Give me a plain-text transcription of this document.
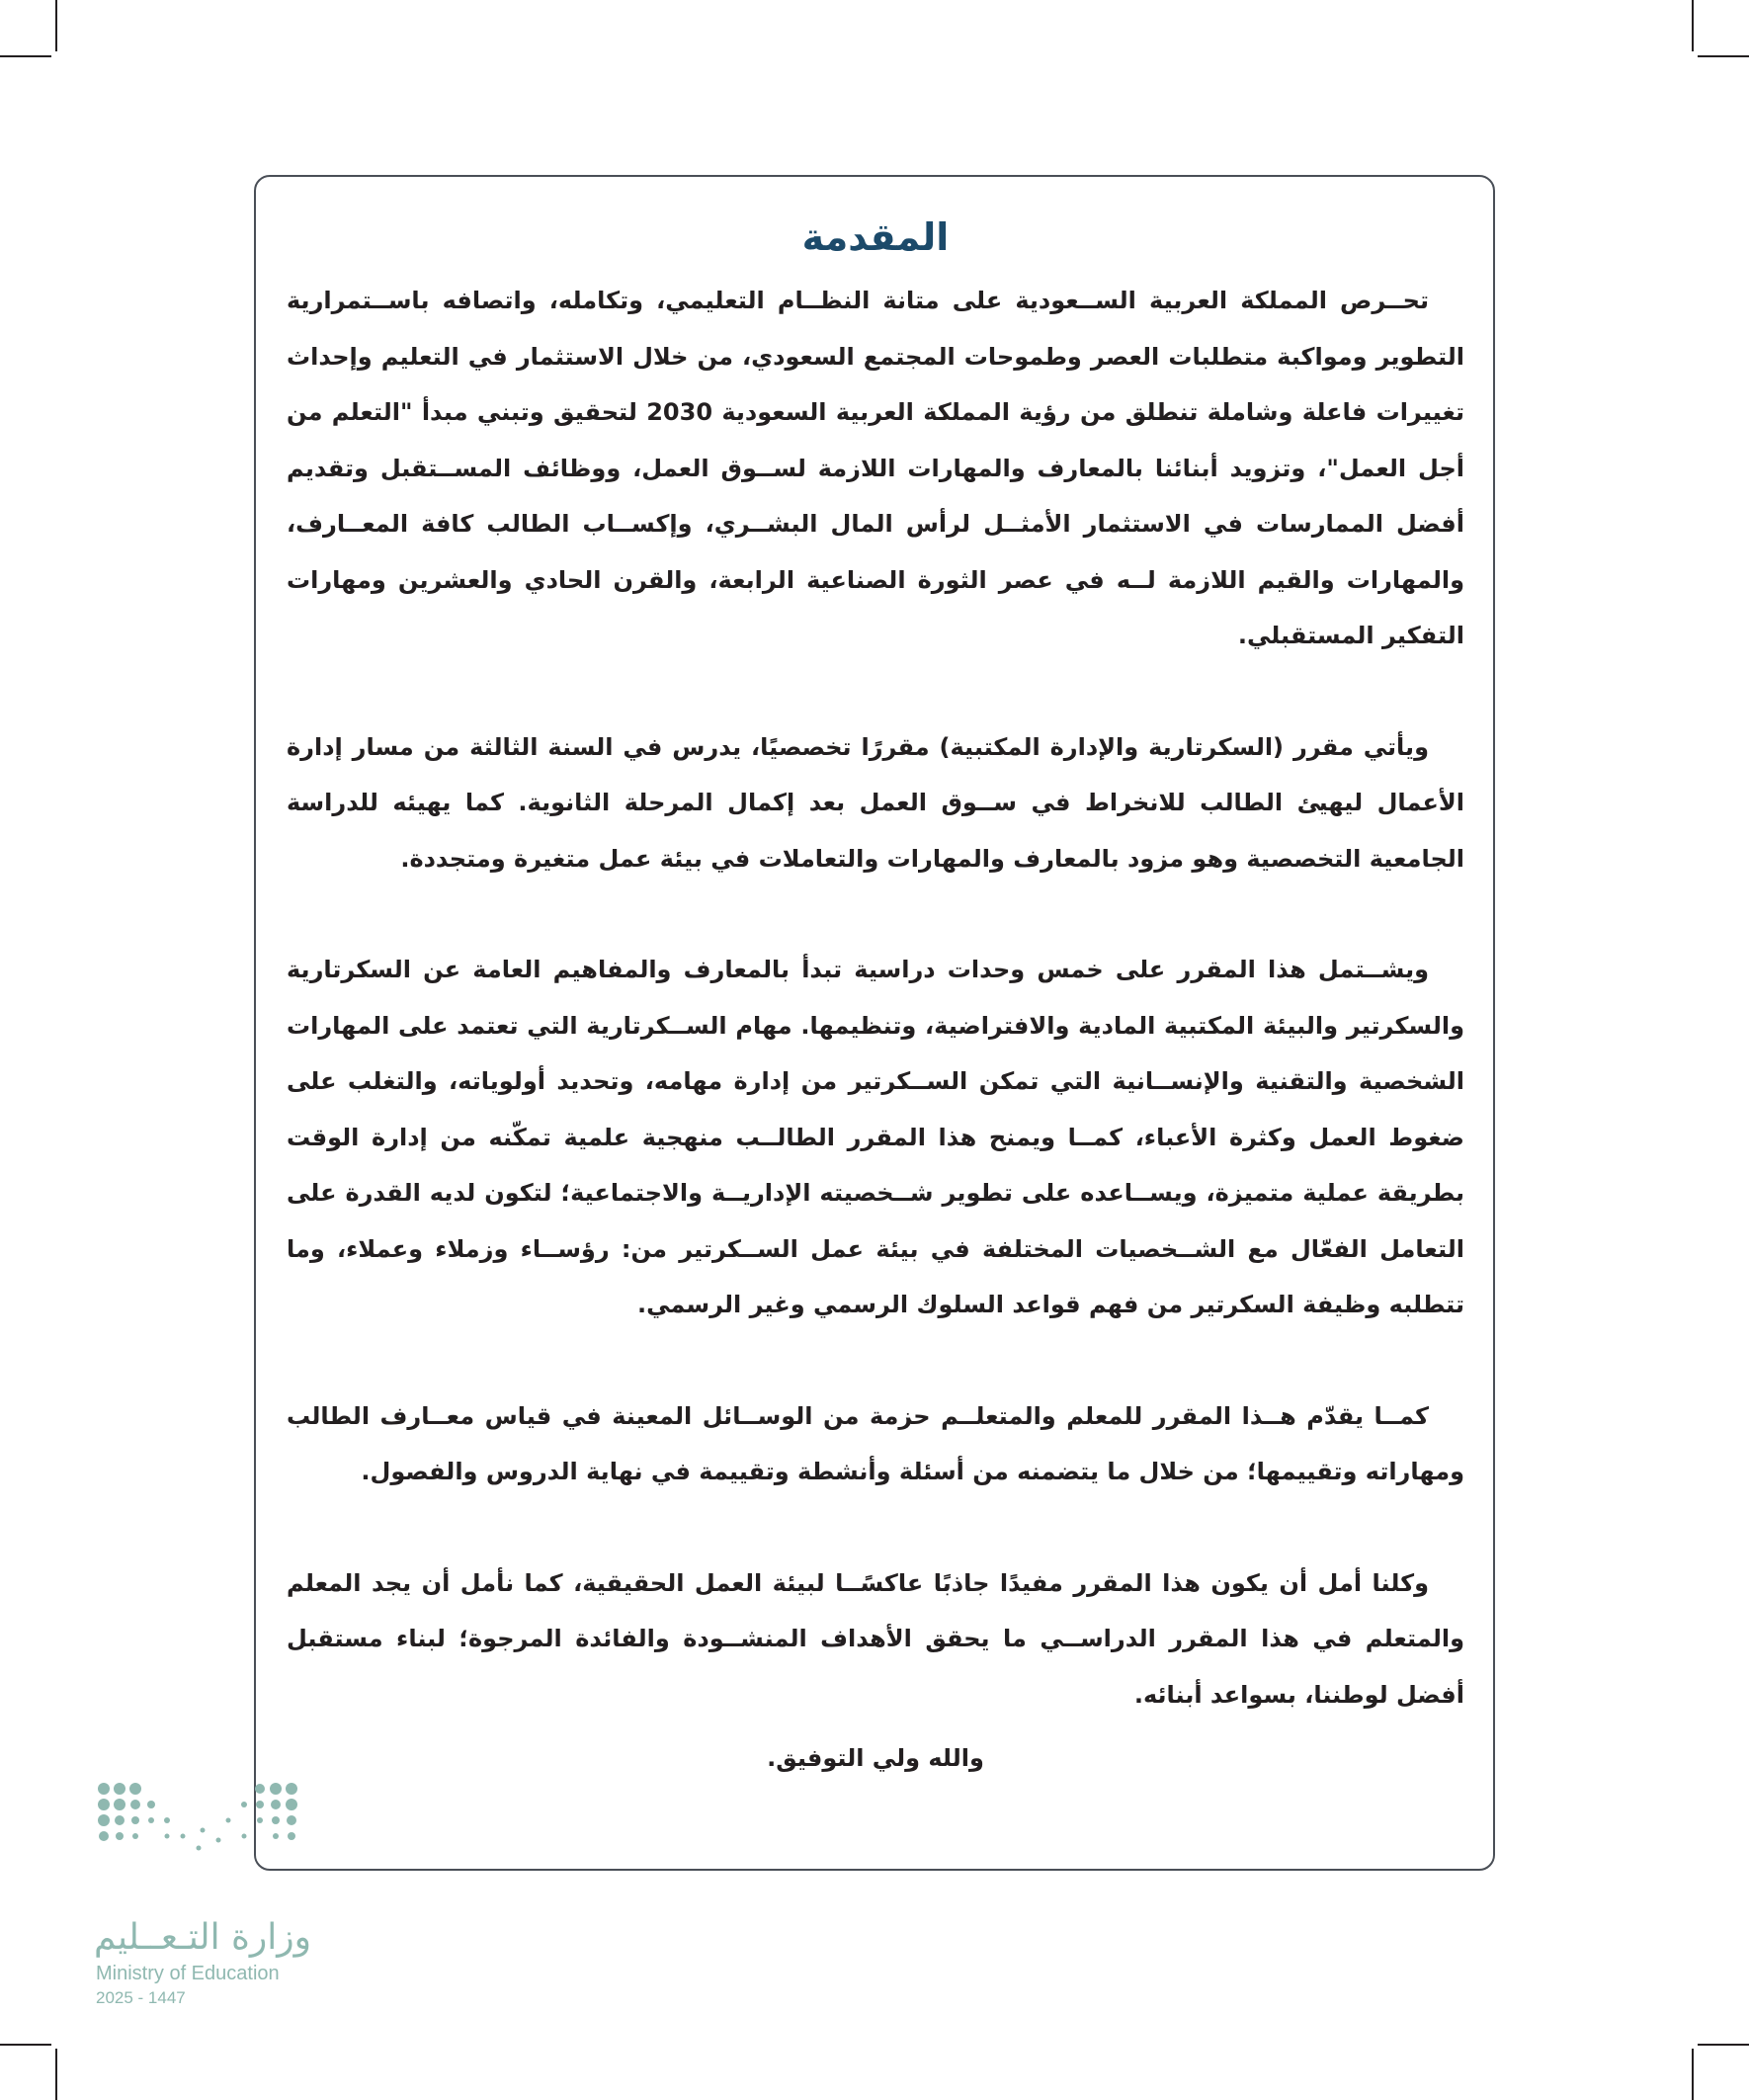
المقدمة

تحــرص المملكة العربية الســعودية على متانة النظــام التعليمي، وتكامله، واتصافه باســتمرارية التطوير ومواكبة متطلبات العصر وطموحات المجتمع السعودي، من خلال الاستثمار في التعليم وإحداث تغييرات فاعلة وشاملة تنطلق من رؤية المملكة العربية السعودية 2030 لتحقيق وتبني مبدأ "التعلم من أجل العمل"، وتزويد أبنائنا بالمعارف والمهارات اللازمة لســوق العمل، ووظائف المســتقبل وتقديم أفضل الممارسات في الاستثمار الأمثــل لرأس المال البشــري، وإكســاب الطالب كافة المعــارف، والمهارات والقيم اللازمة لــه في عصر الثورة الصناعية الرابعة، والقرن الحادي والعشرين ومهارات التفكير المستقبلي.

ويأتي مقرر (السكرتارية والإدارة المكتبية) مقررًا تخصصيًا، يدرس في السنة الثالثة من مسار إدارة الأعمال ليهيئ الطالب للانخراط في ســوق العمل بعد إكمال المرحلة الثانوية. كما يهيئه للدراسة الجامعية التخصصية وهو مزود بالمعارف والمهارات والتعاملات في بيئة عمل متغيرة ومتجددة.

ويشــتمل هذا المقرر على خمس وحدات دراسية تبدأ بالمعارف والمفاهيم العامة عن السكرتارية والسكرتير والبيئة المكتبية المادية والافتراضية، وتنظيمها. مهام الســكرتارية التي تعتمد على المهارات الشخصية والتقنية والإنســانية التي تمكن الســكرتير من إدارة مهامه، وتحديد أولوياته، والتغلب على ضغوط العمل وكثرة الأعباء، كمــا ويمنح هذا المقرر الطالــب منهجية علمية تمكّنه من إدارة الوقت بطريقة عملية متميزة، ويســاعده على تطوير شــخصيته الإداريــة والاجتماعية؛ لتكون لديه القدرة على التعامل الفعّال مع الشــخصيات المختلفة في بيئة عمل الســكرتير من: رؤســاء وزملاء وعملاء، وما تتطلبه وظيفة السكرتير من فهم قواعد السلوك الرسمي وغير الرسمي.

كمــا يقدّم هــذا المقرر للمعلم والمتعلــم حزمة من الوســائل المعينة في قياس معــارف الطالب ومهاراته وتقييمها؛ من خلال ما يتضمنه من أسئلة وأنشطة وتقييمة في نهاية الدروس والفصول.

وكلنا أمل أن يكون هذا المقرر مفيدًا جاذبًا عاكسًــا لبيئة العمل الحقيقية، كما نأمل أن يجد المعلم والمتعلم في هذا المقرر الدراســي ما يحقق الأهداف المنشــودة والفائدة المرجوة؛ لبناء مستقبل أفضل لوطننا، بسواعد أبنائه.

والله ولي التوفيق.

وزارة التـعــليم
Ministry of Education
2025 - 1447
